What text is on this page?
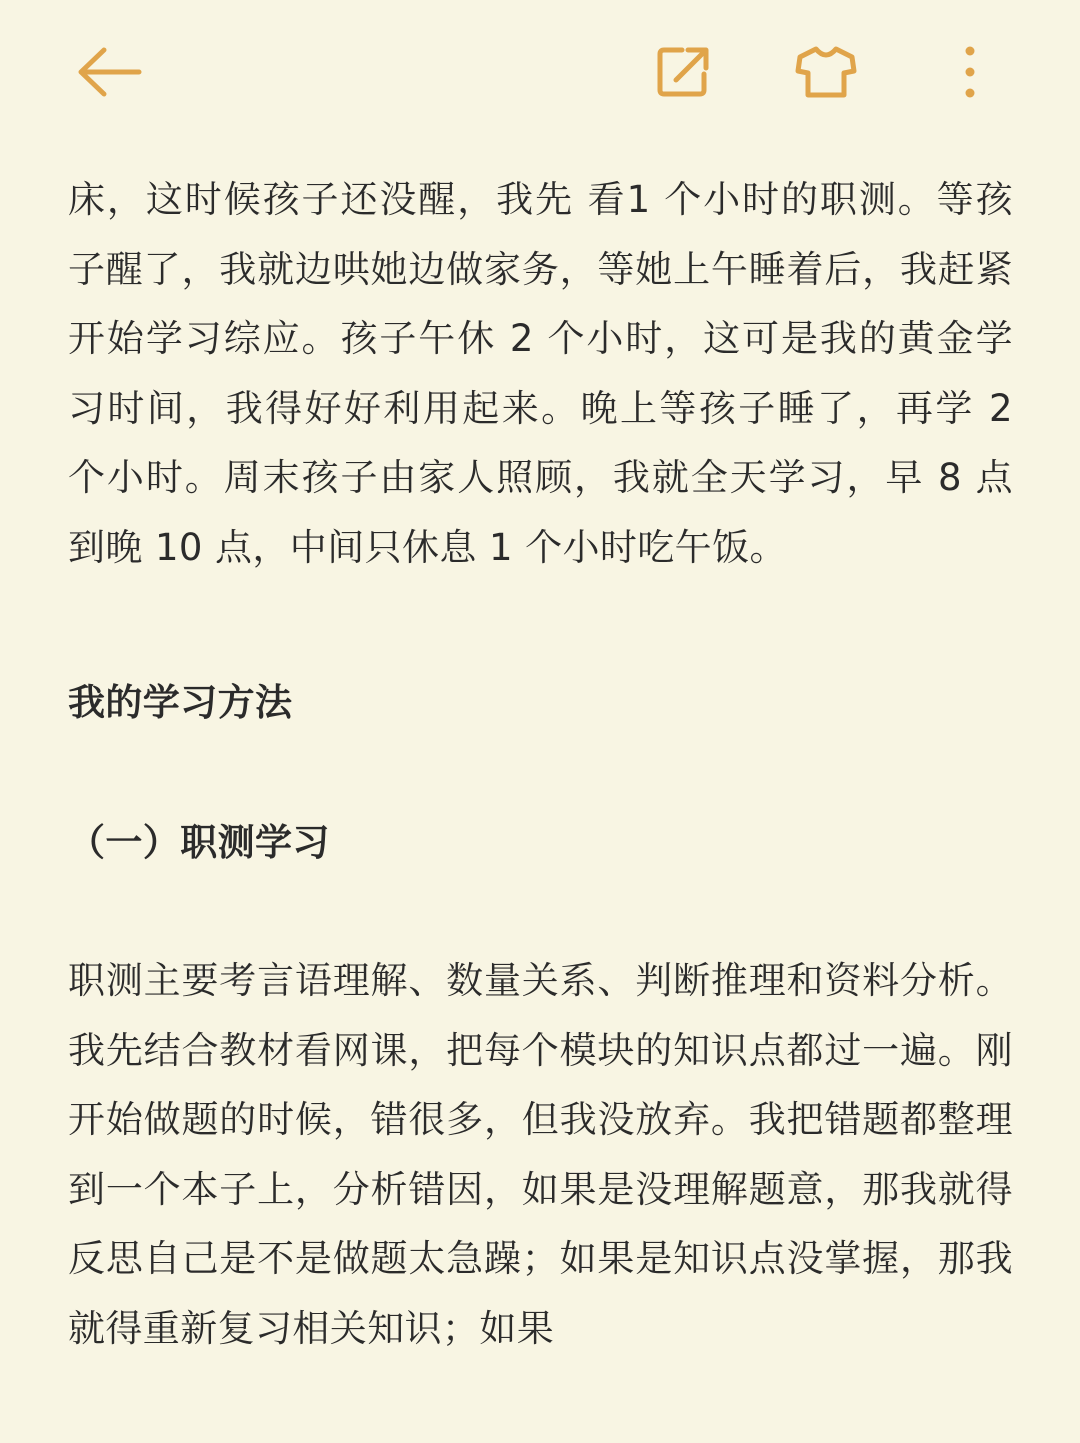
床，这时候孩子还没醒，我先 看1 个小时的职测。等孩子醒了，我就边哄她边做家务，等她上午睡着后，我赶紧开始学习综应。孩子午休 2 个小时，这可是我的黄金学习时间，我得好好利用起来。晚上等孩子睡了，再学 2 个小时。周末孩子由家人照顾，我就全天学习，早 8 点到晚 10 点，中间只休息 1 个小时吃午饭。

我的学习方法
（一）职测学习

职测主要考言语理解、数量关系、判断推理和资料分析。我先结合教材看网课，把每个模块的知识点都过一遍。刚开始做题的时候，错很多，但我没放弃。我把错题都整理到一个本子上，分析错因，如果是没理解题意，那我就得反思自己是不是做题太急躁；如果是知识点没掌握，那我就得重新复习相关知识；如果
